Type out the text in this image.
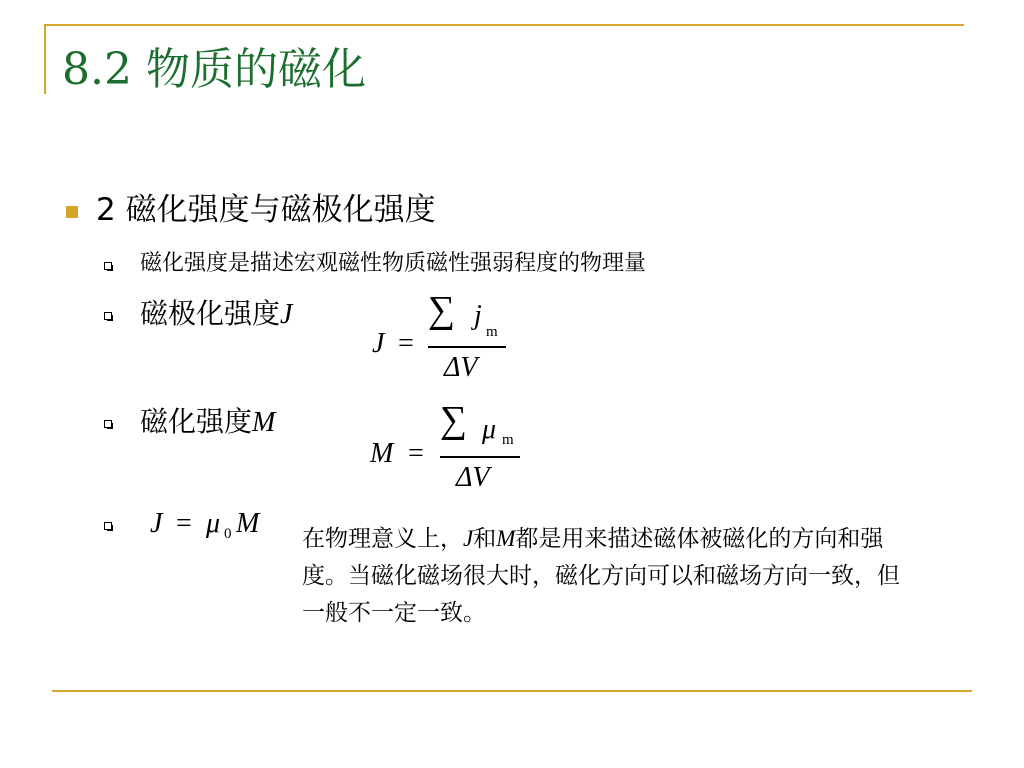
8.2 物质的磁化
2 磁化强度与磁极化强度
磁化强度是描述宏观磁性物质磁性强弱程度的物理量
磁极化强度J
J =
∑ j
m
ΔV
磁化强度M
M =
∑ μ m
ΔV
J = μ 0 M 在物理意义上，J和M都是用来描述磁体被磁化的方向和强度。当磁化磁场很大时，磁化方向可以和磁场方向一致，但一般不一定一致。
